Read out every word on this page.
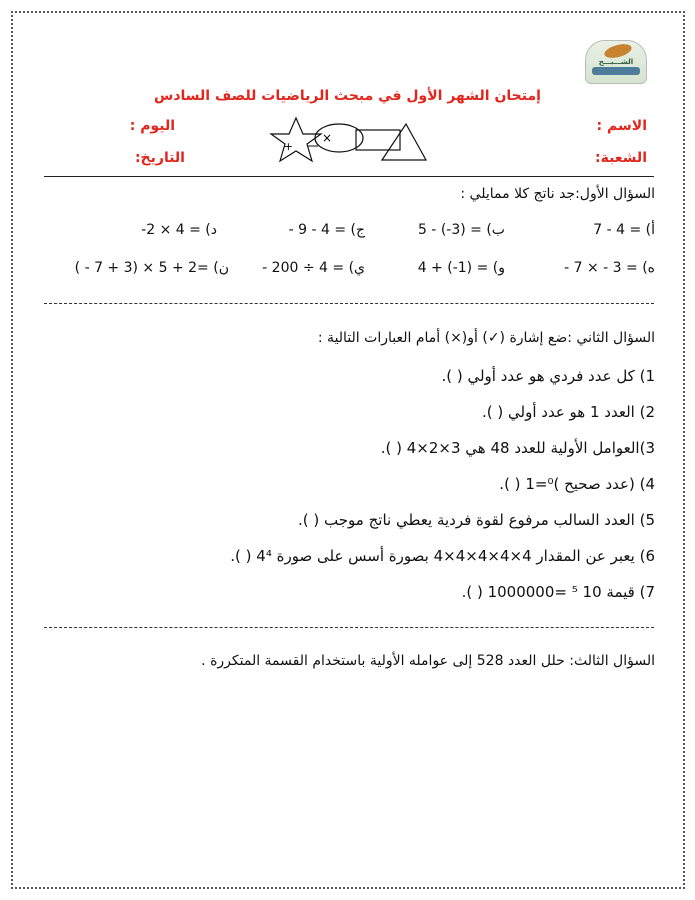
الشـــبـــح
إمتحان الشهر الأول في مبحث الرياضيات للصف السادس
الاسم :
الشعبة:
اليوم :
التاريخ:
+
×
السؤال الأول:جد ناتج كلا ممايلي :
أ) 7 - 4 =
ب) 5 - (-3) =
ج) - 9 - 4 =
د) -2 × 4 =
ه) - 7 × - 3 =
و) 4 + (-1) =
ي) - 200 ÷ 4 =
ن) ( - 7 + 3) × 5 + 2=
السؤال الثاني :ضع إشارة (✓) أو(×) أمام العبارات التالية :
1) كل عدد فردي هو عدد أولي ( ).
2) العدد 1 هو عدد أولي ( ).
3)العوامل الأولية للعدد 48 هي 3×2×4 ( ).
4) (عدد صحيح )⁰=1 ( ).
5) العدد السالب مرفوع لقوة فردية يعطي ناتج موجب ( ).
6) يعبر عن المقدار 4×4×4×4×4 بصورة أسس على صورة 4⁴ ( ).
7) قيمة 10 ⁵ =1000000 ( ).
السؤال الثالث: حلل العدد 528 إلى عوامله الأولية باستخدام القسمة المتكررة .
